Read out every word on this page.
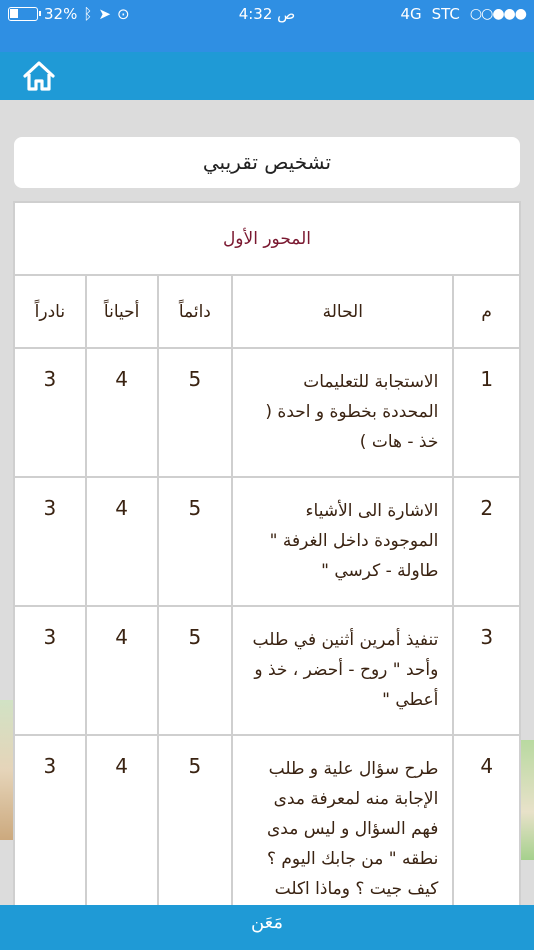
32% ᛒ ➤ ⊙	4:32 ص	4G STC ○○●●●
تشخيص تقريبي
المحور الأول				
م	الحالة	دائماً	أحياناً	نادراً
1	الاستجابة للتعليمات المحددة بخطوة و احدة ( خذ - هات )	5	4	3
2	الاشارة الى الأشياء الموجودة داخل الغرفة " طاولة - كرسي "	5	4	3
3	تنفيذ أمرين أثنين في طلب وأحد " روح - أحضر ، خذ و أعطي "	5	4	3
4	طرح سؤال علية و طلب الإجابة منه لمعرفة مدى فهم السؤال و ليس مدى نطقه " من جابك اليوم ؟ كيف جيت ؟ وماذا اكلت	5	4	3
مَعَن
